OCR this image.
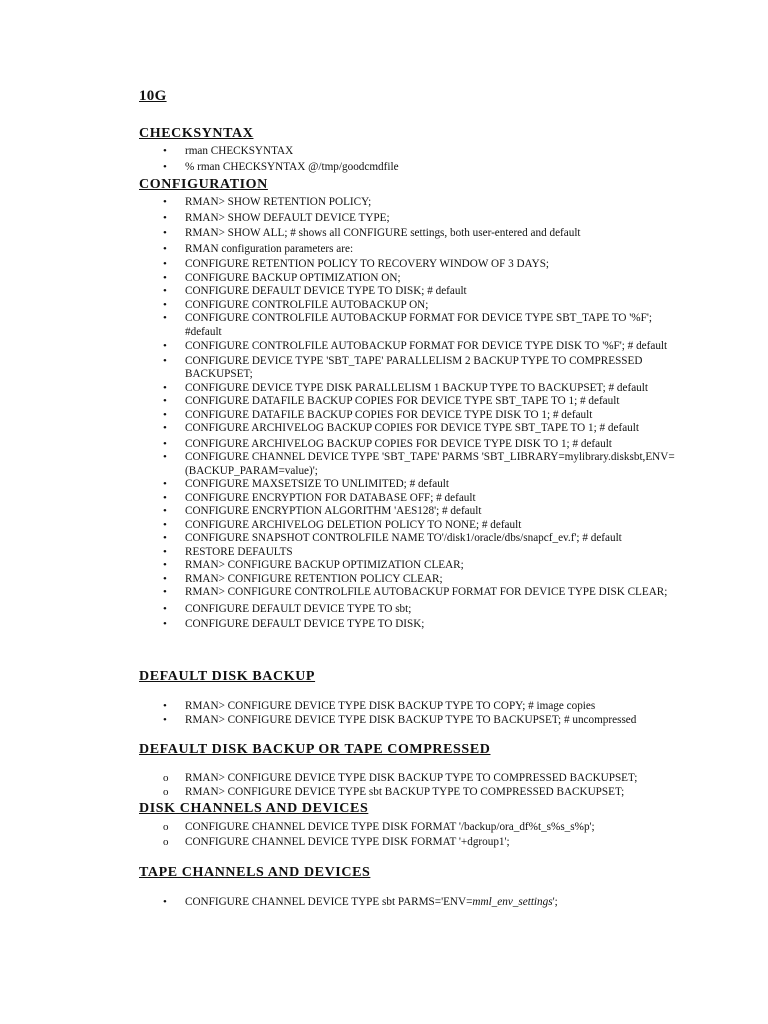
10G
CHECKSYNTAX
• rman CHECKSYNTAX
• % rman CHECKSYNTAX @/tmp/goodcmdfile
CONFIGURATION
• RMAN> SHOW RETENTION POLICY;
• RMAN> SHOW DEFAULT DEVICE TYPE;
• RMAN> SHOW ALL; # shows all CONFIGURE settings, both user-entered and default
• RMAN configuration parameters are:
• CONFIGURE RETENTION POLICY TO RECOVERY WINDOW OF 3 DAYS;
• CONFIGURE BACKUP OPTIMIZATION ON;
• CONFIGURE DEFAULT DEVICE TYPE TO DISK; # default
• CONFIGURE CONTROLFILE AUTOBACKUP ON;
• CONFIGURE CONTROLFILE AUTOBACKUP FORMAT FOR DEVICE TYPE SBT_TAPE TO '%F'; #default
• CONFIGURE CONTROLFILE AUTOBACKUP FORMAT FOR DEVICE TYPE DISK TO '%F'; # default
• CONFIGURE DEVICE TYPE 'SBT_TAPE' PARALLELISM 2 BACKUP TYPE TO COMPRESSED BACKUPSET;
• CONFIGURE DEVICE TYPE DISK PARALLELISM 1 BACKUP TYPE TO BACKUPSET; # default
• CONFIGURE DATAFILE BACKUP COPIES FOR DEVICE TYPE SBT_TAPE TO 1; # default
• CONFIGURE DATAFILE BACKUP COPIES FOR DEVICE TYPE DISK TO 1; # default
• CONFIGURE ARCHIVELOG BACKUP COPIES FOR DEVICE TYPE SBT_TAPE TO 1; # default
• CONFIGURE ARCHIVELOG BACKUP COPIES FOR DEVICE TYPE DISK TO 1; # default
• CONFIGURE CHANNEL DEVICE TYPE 'SBT_TAPE' PARMS 'SBT_LIBRARY=mylibrary.disksbt,ENV=(BACKUP_PARAM=value)';
• CONFIGURE MAXSETSIZE TO UNLIMITED; # default
• CONFIGURE ENCRYPTION FOR DATABASE OFF; # default
• CONFIGURE ENCRYPTION ALGORITHM 'AES128'; # default
• CONFIGURE ARCHIVELOG DELETION POLICY TO NONE; # default
• CONFIGURE SNAPSHOT CONTROLFILE NAME TO'/disk1/oracle/dbs/snapcf_ev.f'; # default
• RESTORE DEFAULTS
• RMAN> CONFIGURE BACKUP OPTIMIZATION CLEAR;
• RMAN> CONFIGURE RETENTION POLICY CLEAR;
• RMAN> CONFIGURE CONTROLFILE AUTOBACKUP FORMAT FOR DEVICE TYPE DISK CLEAR;
• CONFIGURE DEFAULT DEVICE TYPE TO sbt;
• CONFIGURE DEFAULT DEVICE TYPE TO DISK;
DEFAULT DISK BACKUP
• RMAN> CONFIGURE DEVICE TYPE DISK BACKUP TYPE TO COPY; # image copies
• RMAN> CONFIGURE DEVICE TYPE DISK BACKUP TYPE TO BACKUPSET; # uncompressed
DEFAULT DISK BACKUP OR TAPE COMPRESSED
o RMAN> CONFIGURE DEVICE TYPE DISK BACKUP TYPE TO COMPRESSED BACKUPSET;
o RMAN> CONFIGURE DEVICE TYPE sbt BACKUP TYPE TO COMPRESSED BACKUPSET;
DISK CHANNELS AND DEVICES
o CONFIGURE CHANNEL DEVICE TYPE DISK FORMAT '/backup/ora_df%t_s%s_s%p';
o CONFIGURE CHANNEL DEVICE TYPE DISK FORMAT '+dgroup1';
TAPE CHANNELS AND DEVICES
• CONFIGURE CHANNEL DEVICE TYPE sbt PARMS='ENV=mml_env_settings';
